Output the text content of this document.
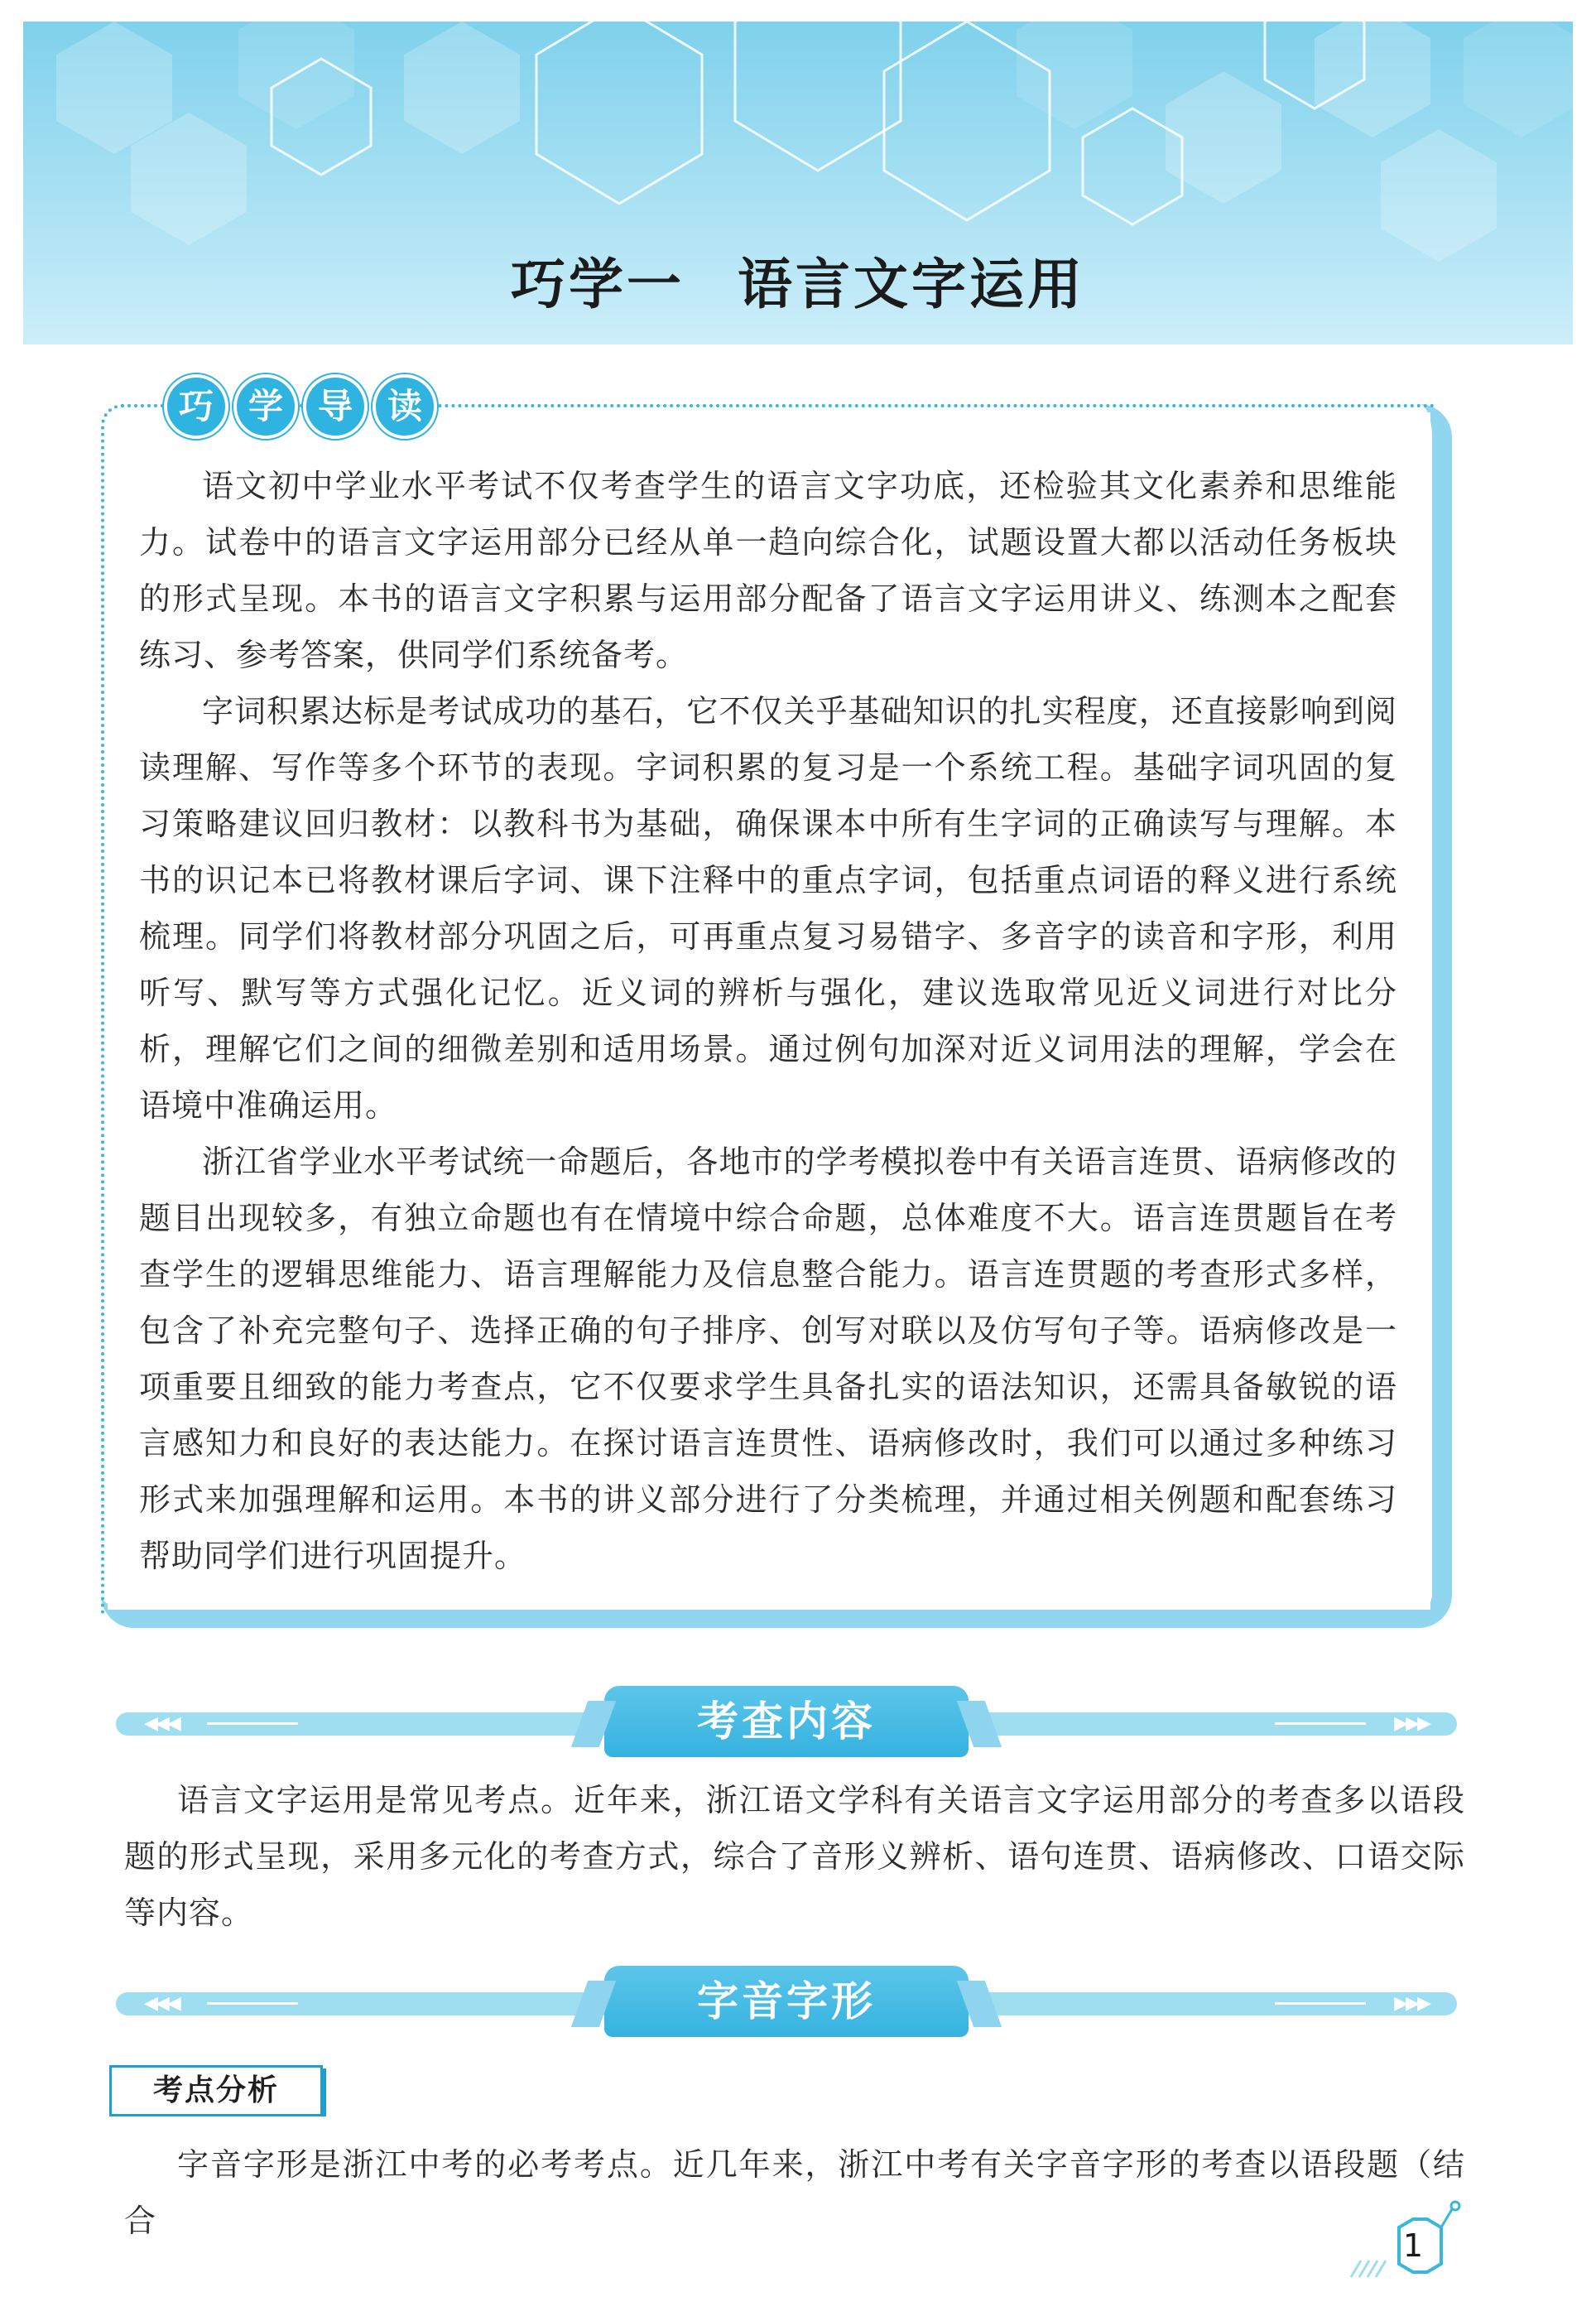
巧学一 语言文字运用
巧 学 导 读

语文初中学业水平考试不仅考查学生的语言文字功底，还检验其文化素养和思维能力。试卷中的语言文字运用部分已经从单一趋向综合化，试题设置大都以活动任务板块的形式呈现。本书的语言文字积累与运用部分配备了语言文字运用讲义、练测本之配套练习、参考答案，供同学们系统备考。

字词积累达标是考试成功的基石，它不仅关乎基础知识的扎实程度，还直接影响到阅读理解、写作等多个环节的表现。字词积累的复习是一个系统工程。基础字词巩固的复习策略建议回归教材：以教科书为基础，确保课本中所有生字词的正确读写与理解。本书的识记本已将教材课后字词、课下注释中的重点字词，包括重点词语的释义进行系统梳理。同学们将教材部分巩固之后，可再重点复习易错字、多音字的读音和字形，利用听写、默写等方式强化记忆。近义词的辨析与强化，建议选取常见近义词进行对比分析，理解它们之间的细微差别和适用场景。通过例句加深对近义词用法的理解，学会在语境中准确运用。

浙江省学业水平考试统一命题后，各地市的学考模拟卷中有关语言连贯、语病修改的题目出现较多，有独立命题也有在情境中综合命题，总体难度不大。语言连贯题旨在考查学生的逻辑思维能力、语言理解能力及信息整合能力。语言连贯题的考查形式多样，包含了补充完整句子、选择正确的句子排序、创写对联以及仿写句子等。语病修改是一项重要且细致的能力考查点，它不仅要求学生具备扎实的语法知识，还需具备敏锐的语言感知力和良好的表达能力。在探讨语言连贯性、语病修改时，我们可以通过多种练习形式来加强理解和运用。本书的讲义部分进行了分类梳理，并通过相关例题和配套练习帮助同学们进行巩固提升。

◀◀◀	▶▶▶
考查内容

语言文字运用是常见考点。近年来，浙江语文学科有关语言文字运用部分的考查多以语段题的形式呈现，采用多元化的考查方式，综合了音形义辨析、语句连贯、语病修改、口语交际等内容。

◀◀◀	▶▶▶
字音字形
考点分析

字音字形是浙江中考的必考考点。近几年来，浙江中考有关字音字形的考查以语段题（结合

1
